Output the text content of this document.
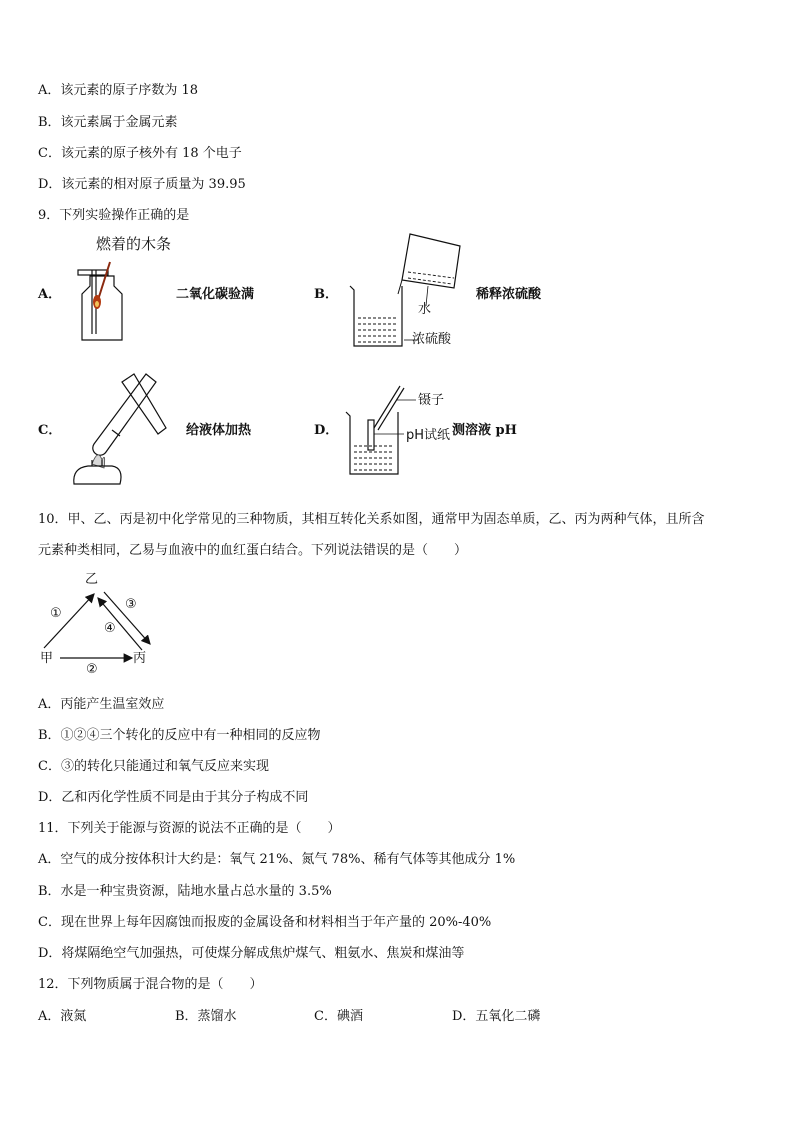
A．该元素的原子序数为 18
B．该元素属于金属元素
C．该元素的原子核外有 18 个电子
D．该元素的相对原子质量为 39.95
9．下列实验操作正确的是
A．
燃着的木条
二氧化碳验满	B．
水
浓硫酸
稀释浓硫酸
C．	给液体加热	D．
镊子
pH试纸 测溶液 pH
10．甲、乙、丙是初中化学常见的三种物质，其相互转化关系如图，通常甲为固态单质，乙、丙为两种气体，且所含
元素种类相同，乙易与血液中的血红蛋白结合。下列说法错误的是（　　）
乙
甲	丙
①
③
④
②
A．丙能产生温室效应
B．①②④三个转化的反应中有一种相同的反应物
C．③的转化只能通过和氧气反应来实现
D．乙和丙化学性质不同是由于其分子构成不同
11．下列关于能源与资源的说法不正确的是（　　）
A．空气的成分按体积计大约是：氧气 21%、氮气 78%、稀有气体等其他成分 1%
B．水是一种宝贵资源，陆地水量占总水量的 3.5%
C．现在世界上每年因腐蚀而报废的金属设备和材料相当于年产量的 20%-40%
D．将煤隔绝空气加强热，可使煤分解成焦炉煤气、粗氨水、焦炭和煤油等
12．下列物质属于混合物的是（　　）
A．液氮	B．蒸馏水	C．碘酒	D．五氧化二磷
